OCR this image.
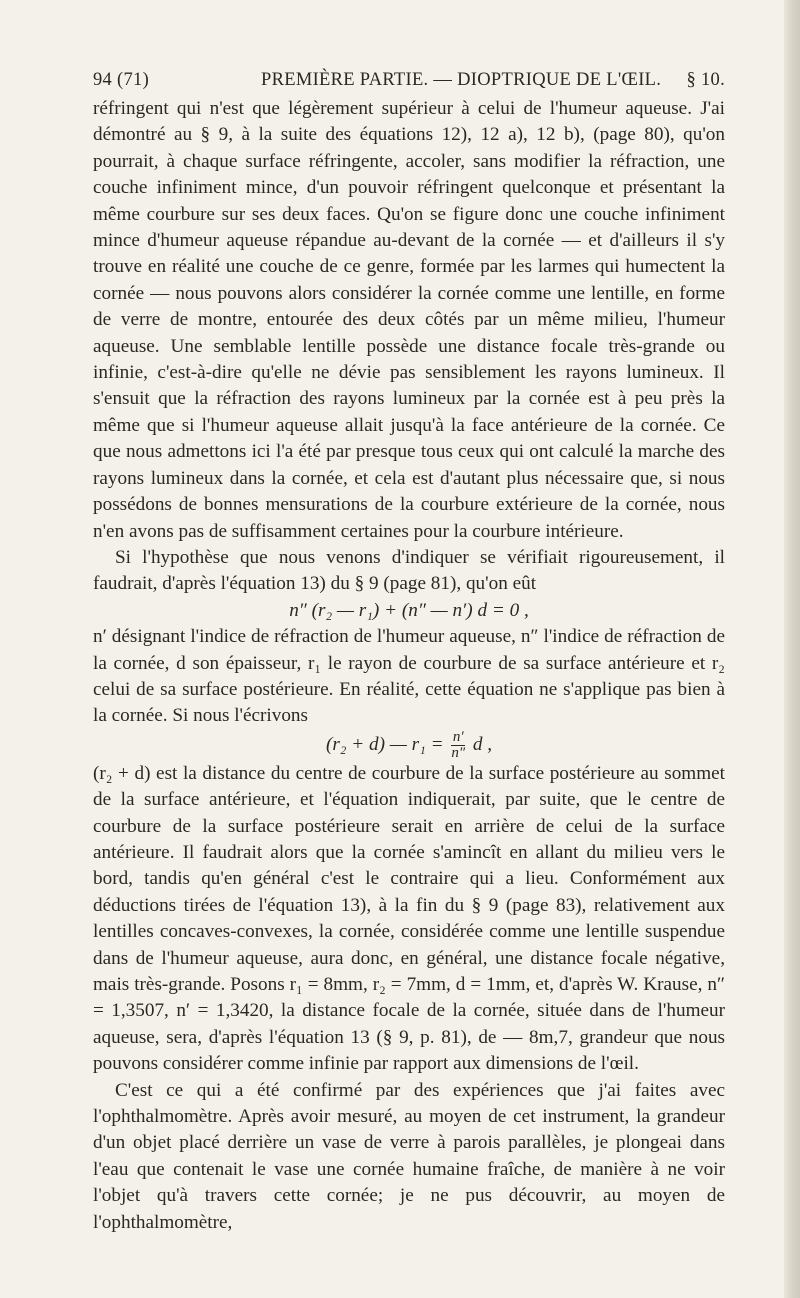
94 (71)	PREMIÈRE PARTIE. — DIOPTRIQUE DE L'ŒIL. § 10.

réfringent qui n'est que légèrement supérieur à celui de l'humeur aqueuse. J'ai démontré au § 9, à la suite des équations 12), 12 a), 12 b), (page 80), qu'on pourrait, à chaque surface réfringente, accoler, sans modifier la réfraction, une couche infiniment mince, d'un pouvoir réfringent quelconque et présentant la même courbure sur ses deux faces. Qu'on se figure donc une couche infiniment mince d'humeur aqueuse répandue au-devant de la cornée — et d'ailleurs il s'y trouve en réalité une couche de ce genre, formée par les larmes qui humectent la cornée — nous pouvons alors considérer la cornée comme une lentille, en forme de verre de montre, entourée des deux côtés par un même milieu, l'humeur aqueuse. Une semblable lentille possède une distance focale très-grande ou infinie, c'est-à-dire qu'elle ne dévie pas sensiblement les rayons lumineux. Il s'ensuit que la réfraction des rayons lumineux par la cornée est à peu près la même que si l'humeur aqueuse allait jusqu'à la face antérieure de la cornée. Ce que nous admettons ici l'a été par presque tous ceux qui ont calculé la marche des rayons lumineux dans la cornée, et cela est d'autant plus nécessaire que, si nous possédons de bonnes mensurations de la courbure extérieure de la cornée, nous n'en avons pas de suffisamment certaines pour la courbure intérieure.

Si l'hypothèse que nous venons d'indiquer se vérifiait rigoureusement, il faudrait, d'après l'équation 13) du § 9 (page 81), qu'on eût

n″ (r₂ — r₁) + (n″ — n′) d = 0 ,

n′ désignant l'indice de réfraction de l'humeur aqueuse, n″ l'indice de réfraction de la cornée, d son épaisseur, r₁ le rayon de courbure de sa surface antérieure et r₂ celui de sa surface postérieure. En réalité, cette équation ne s'applique pas bien à la cornée. Si nous l'écrivons

(r₂ + d) — $r_1 = \frac{n'}{n''}$ d ,

(r₂ + d) est la distance du centre de courbure de la surface postérieure au sommet de la surface antérieure, et l'équation indiquerait, par suite, que le centre de courbure de la surface postérieure serait en arrière de celui de la surface antérieure. Il faudrait alors que la cornée s'amincît en allant du milieu vers le bord, tandis qu'en général c'est le contraire qui a lieu. Conformément aux déductions tirées de l'équation 13), à la fin du § 9 (page 83), relativement aux lentilles concaves-convexes, la cornée, considérée comme une lentille suspendue dans de l'humeur aqueuse, aura donc, en général, une distance focale négative, mais très-grande. Posons r₁ = 8mm, r₂ = 7mm, d = 1mm, et, d'après W. Krause, n″ = 1,3507, n′ = 1,3420, la distance focale de la cornée, située dans de l'humeur aqueuse, sera, d'après l'équation 13 (§ 9, p. 81), de — 8m,7, grandeur que nous pouvons considérer comme infinie par rapport aux dimensions de l'œil.

C'est ce qui a été confirmé par des expériences que j'ai faites avec l'ophthalmomètre. Après avoir mesuré, au moyen de cet instrument, la grandeur d'un objet placé derrière un vase de verre à parois parallèles, je plongeai dans l'eau que contenait le vase une cornée humaine fraîche, de manière à ne voir l'objet qu'à travers cette cornée; je ne pus découvrir, au moyen de l'ophthalmomètre,
